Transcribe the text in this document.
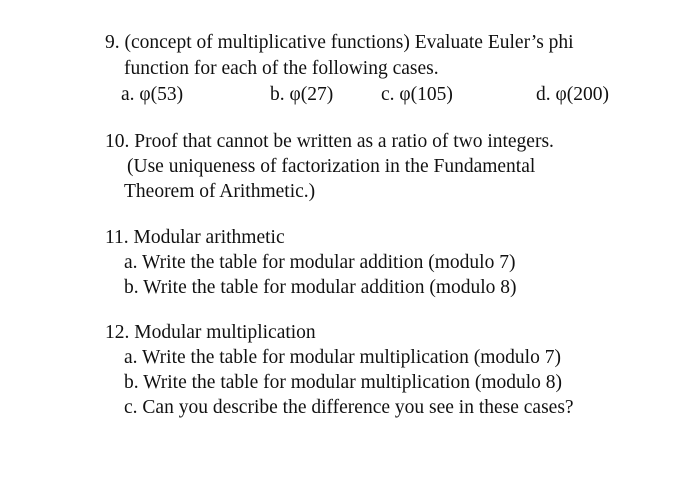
9. (concept of multiplicative functions) Evaluate Euler’s phi
function for each of the following cases.
a. φ(53)	b. φ(27) c. φ(105)	d. φ(200)
10. Proof that cannot be written as a ratio of two integers.
(Use uniqueness of factorization in the Fundamental
Theorem of Arithmetic.)
11. Modular arithmetic
a. Write the table for modular addition (modulo 7)
b. Write the table for modular addition (modulo 8)
12. Modular multiplication
a. Write the table for modular multiplication (modulo 7)
b. Write the table for modular multiplication (modulo 8)
c. Can you describe the difference you see in these cases?
